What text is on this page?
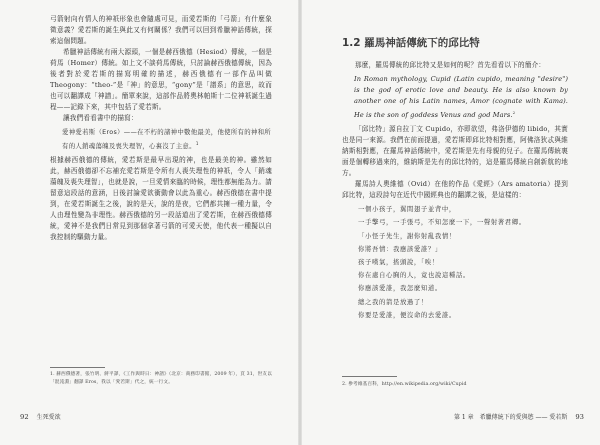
弓箭射向有情人的神祇形象也會隨處可見，而愛若斯的「弓箭」有什麼象徵意義？愛若斯的誕生與此又有何關係？我們可以回到希臘神話傳統，探索這個問題。

希臘神話傳統有兩大源頭，一個是赫西俄德（Hesiod）傳統，一個是荷馬（Homer）傳統。如上文不談荷馬傳統，只討論赫西俄德傳統，因為後者對於愛若斯的描寫明確的描述，赫西俄德有一部作品叫做 Theogony：“theo-”是「神」的意思，“gony”是「譜系」的意思，故而也可以翻譯成「神譜」。簡單來說，這部作品將奧林帕斯十二位神祇誕生過程——記錄下來，其中包括了愛若斯。

讓我們看看書中的描寫：

愛神愛若斯（Eros）——在不朽的諸神中數他最美，他使所有的神和所有的人銷魂蕩魄及喪失理智，心裏沒了主意。$^1$

根據赫西俄德的傳統，愛若斯是最早出現的神，也是最美的神。雖然如此，赫西俄德卻不忘補充愛若斯是令所有人喪失理性的神祇，令人「銷魂蕩魄及喪失理智」，也就是說，一旦愛情來臨的時候，理性都無能為力。請留意這段話的意涵，日後討論愛欲衝動會以此為重心。赫西俄德在書中提到，在愛若斯誕生之後，說的是天，說的是夜，它們都共擁一種力量，令人由理性變為非理性。赫西俄德的另一段話道出了愛若斯，在赫西俄德傳統，愛神不是我們日常見到那個拿著弓箭的可愛天使，他代表一種擬以自我控制的驅動力量。

1. 赫西俄德著，張竹明、蔣平譯，《工作與時日：神譜》（北京：商務印書館，2009 年），頁 31，世友以「混沌淵」翻譯 Eros，我以「愛若斯」代之，統一行文。

92 生死愛欲
1.2 羅馬神話傳統下的邱比特

那麼，羅馬傳統的邱比特又是如何的呢？首先看看以下的簡介：

In Roman mythology, Cupid (Latin cupido, meaning "desire") is the god of erotic love and beauty. He is also known by another one of his Latin names, Amor (cognate with Kama). He is the son of goddess Venus and god Mars.$^2$

「邱比特」源自拉丁文 Cupido，亦即欲望，弗洛伊德的 libido，其實也是同一來源。我們在前面提過，愛若斯即邱比特相對應，阿佛洛狄忒與維納斯相對應，在羅馬神話傳統中，愛若斯是先有母親的兒子。在羅馬傳統裏面是個轉移過來的，維納斯是先有的邱比特的，這是羅馬傳統自創新航的地方。

羅馬詩人奧維德（Ovid）在他的作品《愛經》（Ars amatoria）提到邱比特，這段詩句在近代中國經典也的翻譯之後，是這樣的：

一個小孩子，翼間翅子並背中，
一手擎弓，一手張弓，不知怎麼一下，一聲射著君卿。
「小怪子先生，謝你射亂我情！
你將吾情：我應該愛誰？」
孩子嘆氣，搖頭說，「唉！
你在處自心胸的人，竟也說這種話。
你應該愛誰，我怎麼知道。
總之我的箭是放過了！
你要是愛誰，便沒命的去愛誰。

2. 參考維基百科，http://en.wikipedia.org/wiki/Cupid

第 1 章　希臘傳統下的愛與慾 —— 愛若斯 93
